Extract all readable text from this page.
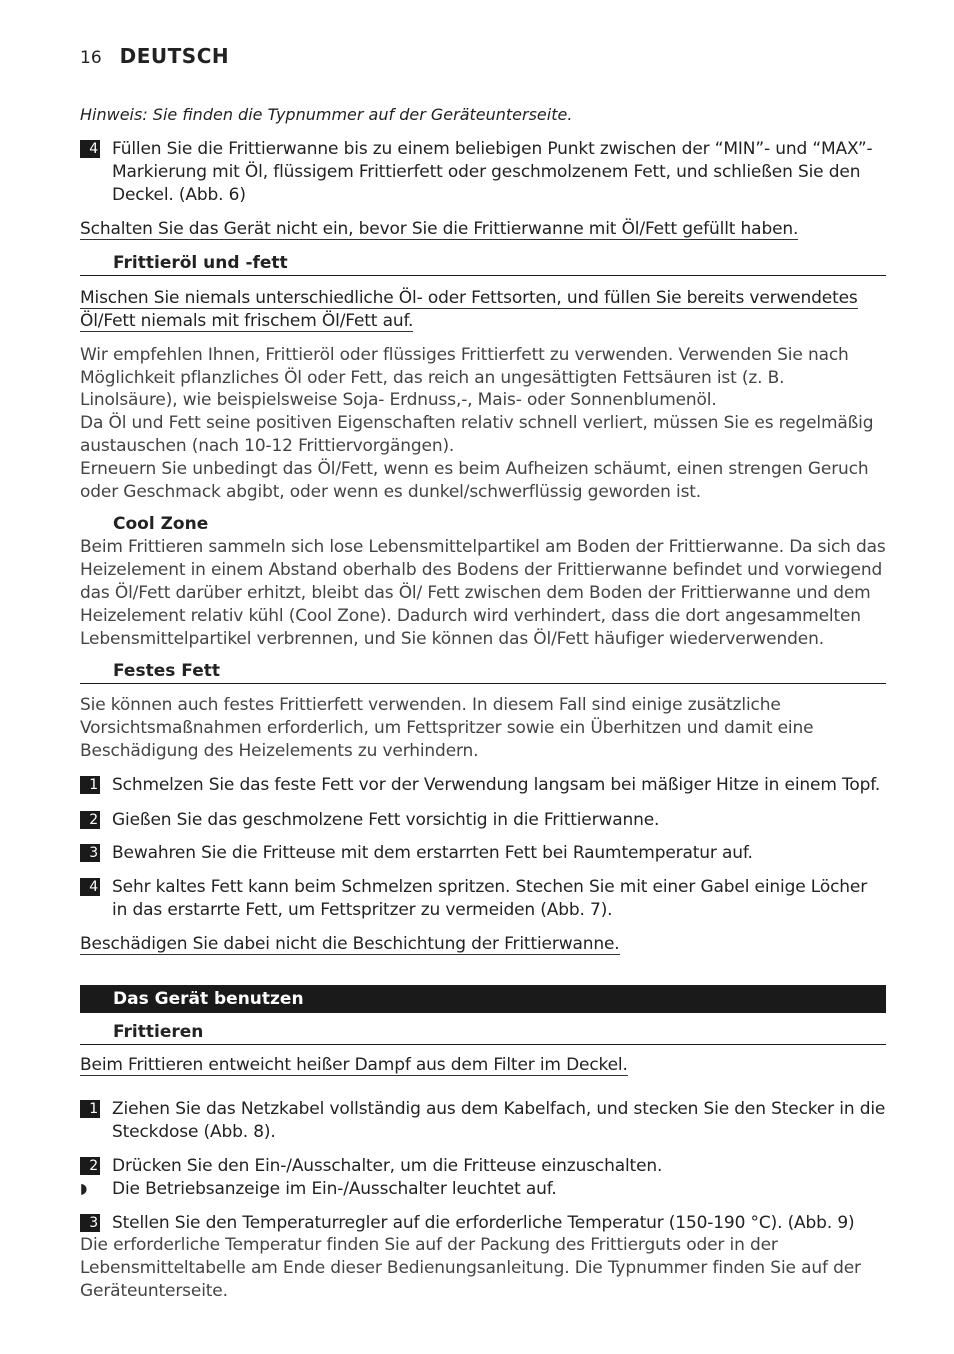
16 DEUTSCH
Hinweis: Sie finden die Typnummer auf der Geräteunterseite.
4 Füllen Sie die Frittierwanne bis zu einem beliebigen Punkt zwischen der “MIN”- und “MAX”-Markierung mit Öl, flüssigem Frittierfett oder geschmolzenem Fett, und schließen Sie den Deckel. (Abb. 6)
Schalten Sie das Gerät nicht ein, bevor Sie die Frittierwanne mit Öl/Fett gefüllt haben.
Frittieröl und -fett
Mischen Sie niemals unterschiedliche Öl- oder Fettsorten, und füllen Sie bereits verwendetes Öl/Fett niemals mit frischem Öl/Fett auf.
Wir empfehlen Ihnen, Frittieröl oder flüssiges Frittierfett zu verwenden. Verwenden Sie nach Möglichkeit pflanzliches Öl oder Fett, das reich an ungesättigten Fettsäuren ist (z. B. Linolsäure), wie beispielsweise Soja- Erdnuss,-, Mais- oder Sonnenblumenöl.
Da Öl und Fett seine positiven Eigenschaften relativ schnell verliert, müssen Sie es regelmäßig austauschen (nach 10-12 Frittiervorgängen).
Erneuern Sie unbedingt das Öl/Fett, wenn es beim Aufheizen schäumt, einen strengen Geruch oder Geschmack abgibt, oder wenn es dunkel/schwerflüssig geworden ist.
Cool Zone
Beim Frittieren sammeln sich lose Lebensmittelpartikel am Boden der Frittierwanne. Da sich das Heizelement in einem Abstand oberhalb des Bodens der Frittierwanne befindet und vorwiegend das Öl/Fett darüber erhitzt, bleibt das Öl/ Fett zwischen dem Boden der Frittierwanne und dem Heizelement relativ kühl (Cool Zone). Dadurch wird verhindert, dass die dort angesammelten Lebensmittelpartikel verbrennen, und Sie können das Öl/Fett häufiger wiederverwenden.
Festes Fett
Sie können auch festes Frittierfett verwenden. In diesem Fall sind einige zusätzliche Vorsichtsmaßnahmen erforderlich, um Fettspritzer sowie ein Überhitzen und damit eine Beschädigung des Heizelements zu verhindern.
1 Schmelzen Sie das feste Fett vor der Verwendung langsam bei mäßiger Hitze in einem Topf.
2 Gießen Sie das geschmolzene Fett vorsichtig in die Frittierwanne.
3 Bewahren Sie die Fritteuse mit dem erstarrten Fett bei Raumtemperatur auf.
4 Sehr kaltes Fett kann beim Schmelzen spritzen. Stechen Sie mit einer Gabel einige Löcher in das erstarrte Fett, um Fettspritzer zu vermeiden (Abb. 7).
Beschädigen Sie dabei nicht die Beschichtung der Frittierwanne.
Das Gerät benutzen
Frittieren
Beim Frittieren entweicht heißer Dampf aus dem Filter im Deckel.
1 Ziehen Sie das Netzkabel vollständig aus dem Kabelfach, und stecken Sie den Stecker in die Steckdose (Abb. 8).
2 Drücken Sie den Ein-/Ausschalter, um die Fritteuse einzuschalten.
◗	Die Betriebsanzeige im Ein-/Ausschalter leuchtet auf.
3 Stellen Sie den Temperaturregler auf die erforderliche Temperatur (150-190 °C). (Abb. 9)
Die erforderliche Temperatur finden Sie auf der Packung des Frittierguts oder in der Lebensmitteltabelle am Ende dieser Bedienungsanleitung. Die Typnummer finden Sie auf der Geräteunterseite.
